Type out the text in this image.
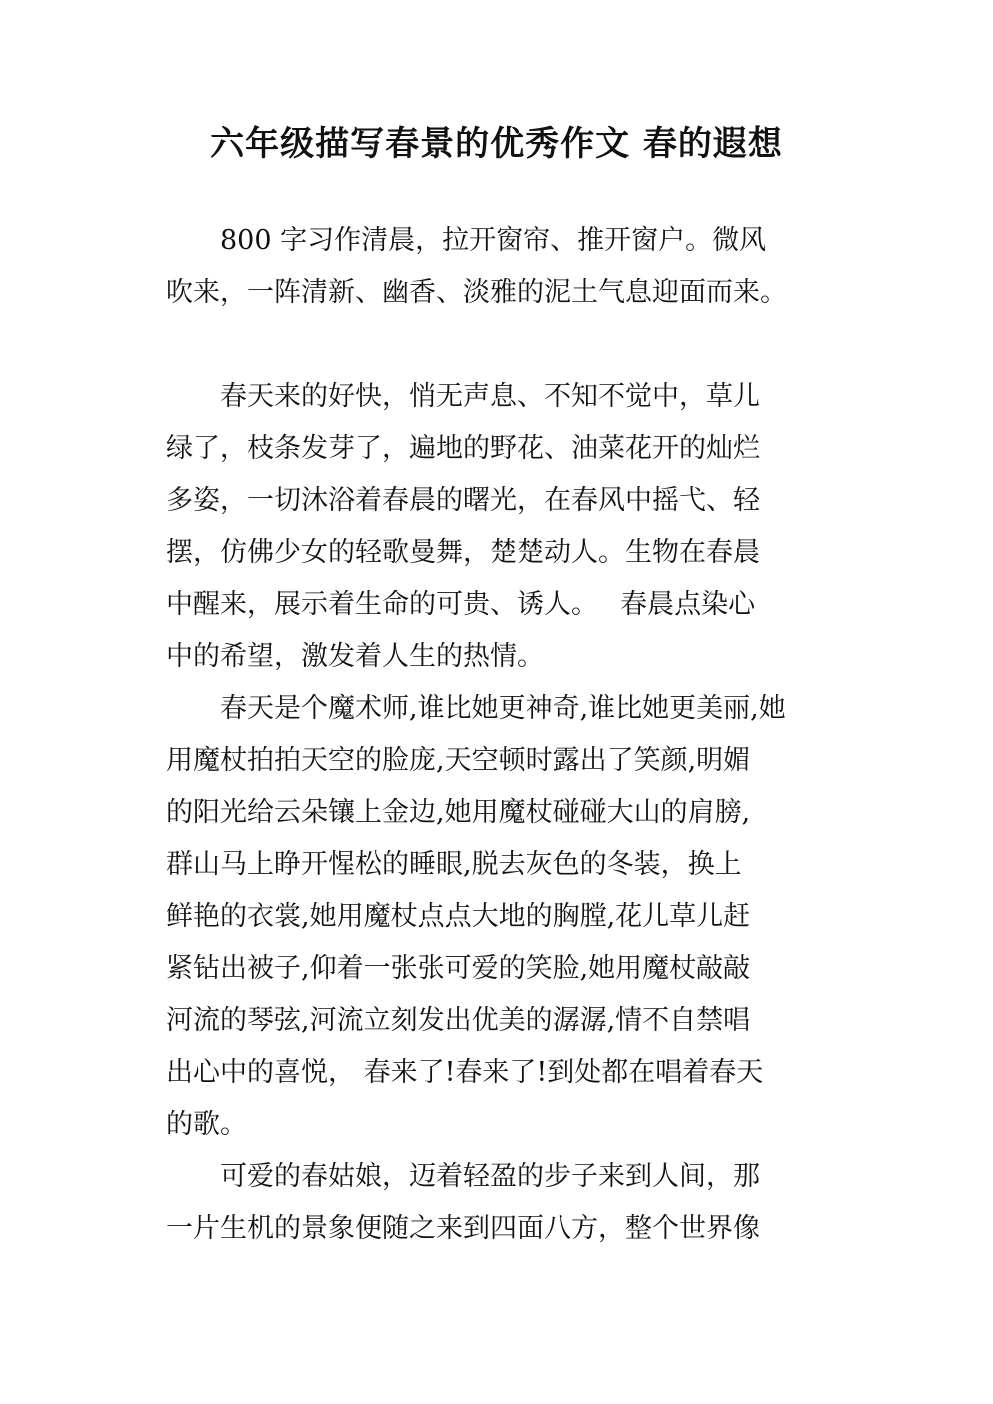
六年级描写春景的优秀作文 春的遐想

　　800 字习作清晨，拉开窗帘、推开窗户。微风
吹来，一阵清新、幽香、淡雅的泥土气息迎面而来。

　　春天来的好快，悄无声息、不知不觉中，草儿
绿了，枝条发芽了，遍地的野花、油菜花开的灿烂
多姿，一切沐浴着春晨的曙光，在春风中摇弋、轻
摆，仿佛少女的轻歌曼舞，楚楚动人。生物在春晨
中醒来，展示着生命的可贵、诱人。　 春晨点染心
中的希望，激发着人生的热情。

　　春天是个魔术师,谁比她更神奇,谁比她更美丽,她
用魔杖拍拍天空的脸庞,天空顿时露出了笑颜,明媚
的阳光给云朵镶上金边,她用魔杖碰碰大山的肩膀,
群山马上睁开惺松的睡眼,脱去灰色的冬装，换上
鲜艳的衣裳,她用魔杖点点大地的胸膛,花儿草儿赶
紧钻出被子,仰着一张张可爱的笑脸,她用魔杖敲敲
河流的琴弦,河流立刻发出优美的潺潺,情不自禁唱
出心中的喜悦， 春来了!春来了!到处都在唱着春天
的歌。

　　可爱的春姑娘，迈着轻盈的步子来到人间，那
一片生机的景象便随之来到四面八方，整个世界像
